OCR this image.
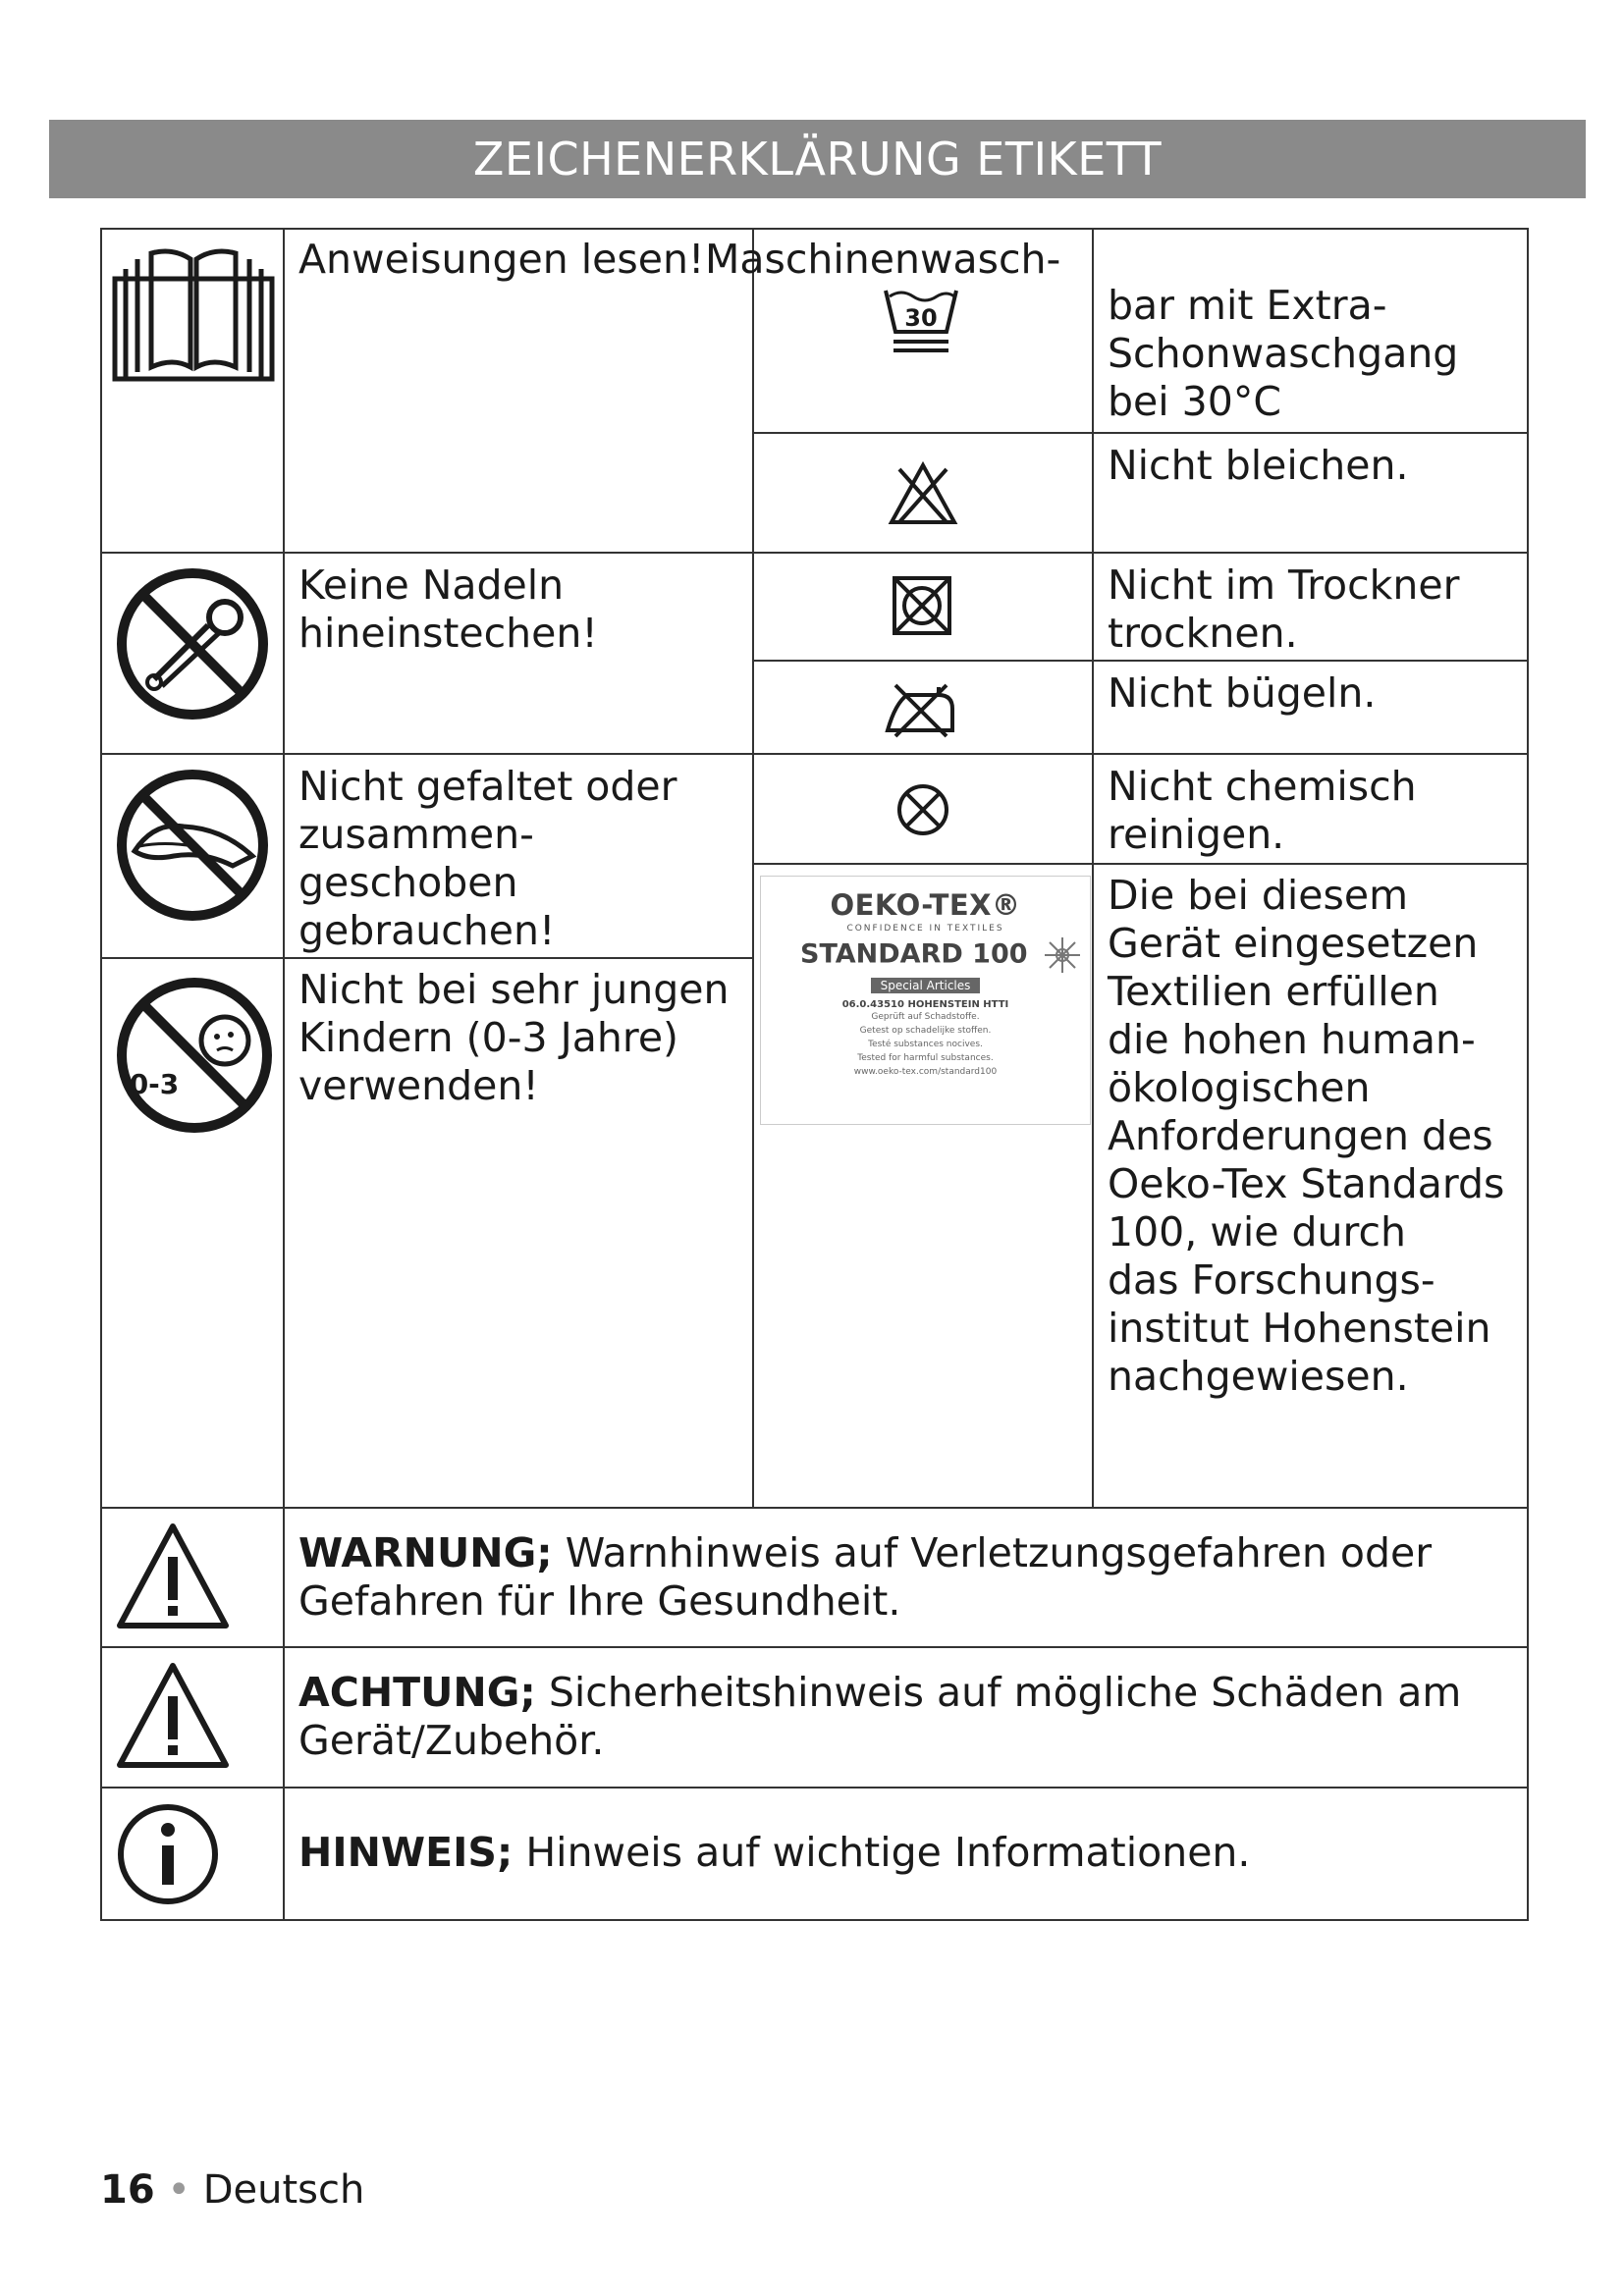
ZEICHENERKLÄRUNG ETIKETT
0-3
Anweisungen lesen!
Keine Nadeln
hineinstechen!
Nicht gefaltet oder
zusammen-
geschoben
gebrauchen!
Nicht bei sehr jungen
Kindern (0-3 Jahre)
verwenden!
30
OEKO-TEX®
CONFIDENCE IN TEXTILES
STANDARD 100
Special Articles
06.0.43510 HOHENSTEIN HTTI
Geprüft auf Schadstoffe.
Getest op schadelijke stoffen.
Testé substances nocives.
Tested for harmful substances.
www.oeko-tex.com/standard100
Maschinenwasch-
bar mit Extra-
Schonwaschgang
bei 30°C
Nicht bleichen.
Nicht im Trockner
trocknen.
Nicht bügeln.
Nicht chemisch
reinigen.
Die bei diesem
Gerät eingesetzen
Textilien erfüllen
die hohen human-
ökologischen
Anforderungen des
Oeko-Tex Standards
100, wie durch
das Forschungs-
institut Hohenstein
nachgewiesen.
WARNUNG; Warnhinweis auf Verletzungsgefahren oder
Gefahren für Ihre Gesundheit.
ACHTUNG; Sicherheitshinweis auf mögliche Schäden am
Gerät/Zubehör.
HINWEIS; Hinweis auf wichtige Informationen.
16 • Deutsch
